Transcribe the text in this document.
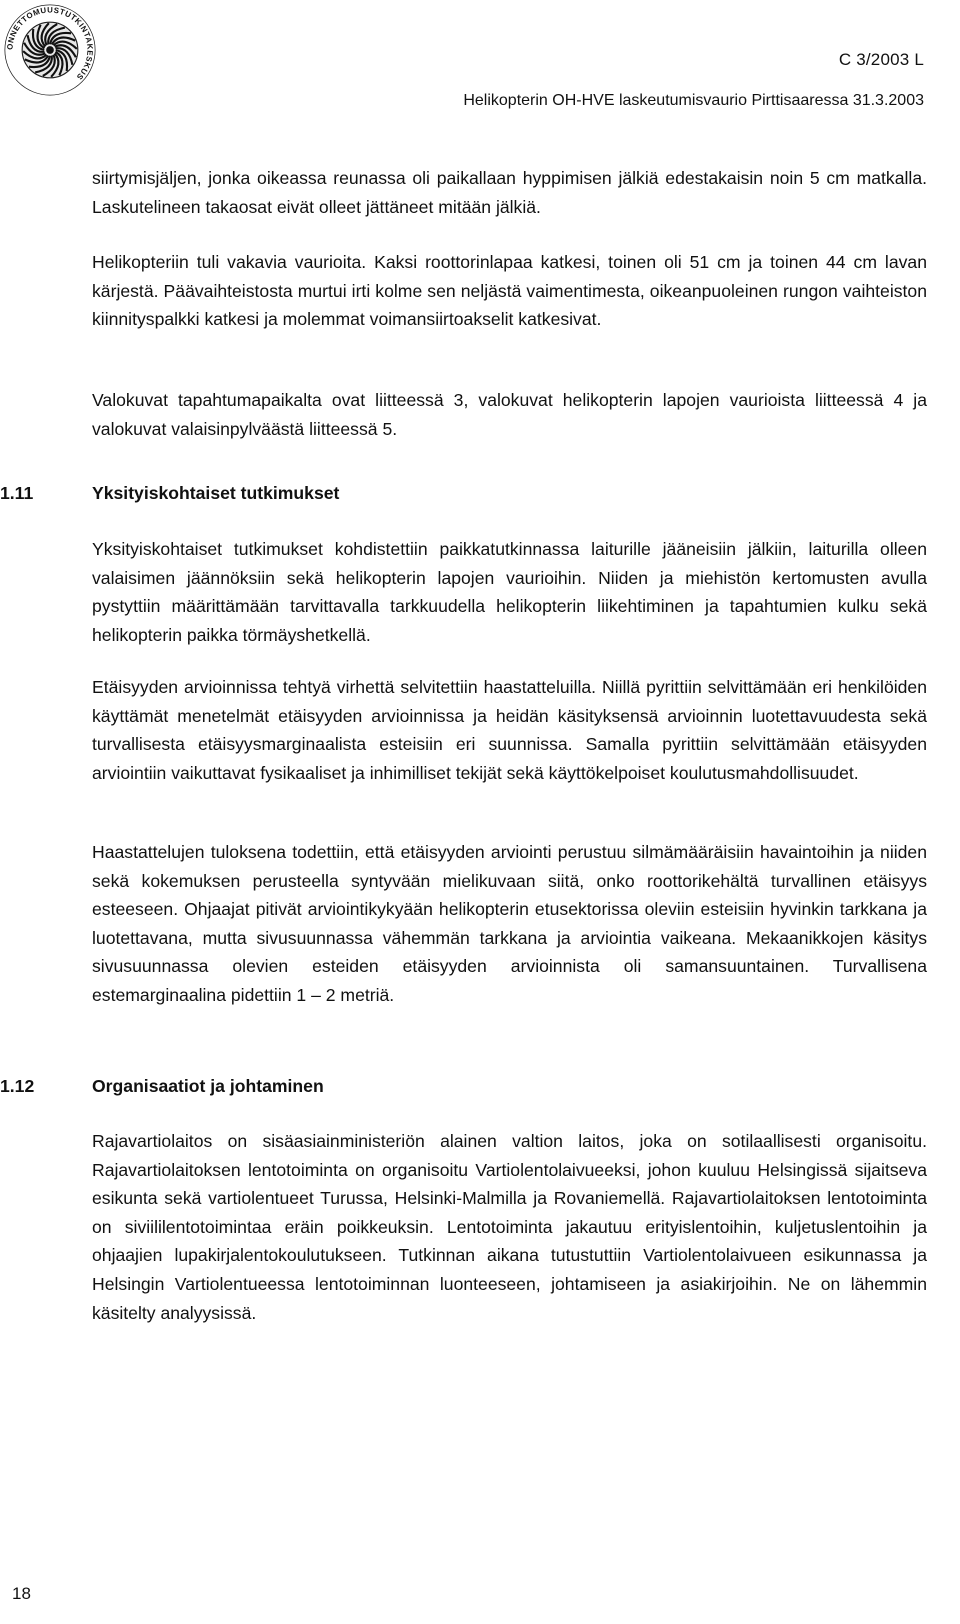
ONNETTOMUUSTUTKINTAKESKUS
C 3/2003 L
Helikopterin OH-HVE laskeutumisvaurio Pirttisaaressa 31.3.2003

siirtymisjäljen, jonka oikeassa reunassa oli paikallaan hyppimisen jälkiä edestakaisin noin 5 cm matkalla. Laskutelineen takaosat eivät olleet jättäneet mitään jälkiä.

Helikopteriin tuli vakavia vaurioita. Kaksi roottorinlapaa katkesi, toinen oli 51 cm ja toinen 44 cm lavan kärjestä. Päävaihteistosta murtui irti kolme sen neljästä vaimentimesta, oikeanpuoleinen rungon vaihteiston kiinnityspalkki katkesi ja molemmat voimansiirtoakselit katkesivat.

Valokuvat tapahtumapaikalta ovat liitteessä 3, valokuvat helikopterin lapojen vaurioista liitteessä 4 ja valokuvat valaisinpylväästä liitteessä 5.

1.11	Yksityiskohtaiset tutkimukset

Yksityiskohtaiset tutkimukset kohdistettiin paikkatutkinnassa laiturille jääneisiin jälkiin, laiturilla olleen valaisimen jäännöksiin sekä helikopterin lapojen vaurioihin. Niiden ja miehistön kertomusten avulla pystyttiin määrittämään tarvittavalla tarkkuudella helikopterin liikehtiminen ja tapahtumien kulku sekä helikopterin paikka törmäyshetkellä.

Etäisyyden arvioinnissa tehtyä virhettä selvitettiin haastatteluilla. Niillä pyrittiin selvittämään eri henkilöiden käyttämät menetelmät etäisyyden arvioinnissa ja heidän käsityksensä arvioinnin luotettavuudesta sekä turvallisesta etäisyysmarginaalista esteisiin eri suunnissa. Samalla pyrittiin selvittämään etäisyyden arviointiin vaikuttavat fysikaaliset ja inhimilliset tekijät sekä käyttökelpoiset koulutusmahdollisuudet.

Haastattelujen tuloksena todettiin, että etäisyyden arviointi perustuu silmämääräisiin havaintoihin ja niiden sekä kokemuksen perusteella syntyvään mielikuvaan siitä, onko roottorikehältä turvallinen etäisyys esteeseen. Ohjaajat pitivät arviointikykyään helikopterin etusektorissa oleviin esteisiin hyvinkin tarkkana ja luotettavana, mutta sivusuunnassa vähemmän tarkkana ja arviointia vaikeana. Mekaanikkojen käsitys sivusuunnassa olevien esteiden etäisyyden arvioinnista oli samansuuntainen. Turvallisena estemarginaalina pidettiin 1 – 2 metriä.

1.12	Organisaatiot ja johtaminen

Rajavartiolaitos on sisäasiainministeriön alainen valtion laitos, joka on sotilaallisesti organisoitu. Rajavartiolaitoksen lentotoiminta on organisoitu Vartiolentolaivueeksi, johon kuuluu Helsingissä sijaitseva esikunta sekä vartiolentueet Turussa, Helsinki-Malmilla ja Rovaniemellä. Rajavartiolaitoksen lentotoiminta on siviililentotoimintaa eräin poikkeuksin. Lentotoiminta jakautuu erityislentoihin, kuljetuslentoihin ja ohjaajien lupakirjalentokoulutukseen. Tutkinnan aikana tutustuttiin Vartiolentolaivueen esikunnassa ja Helsingin Vartiolentueessa lentotoiminnan luonteeseen, johtamiseen ja asiakirjoihin. Ne on lähemmin käsitelty analyysissä.

18
